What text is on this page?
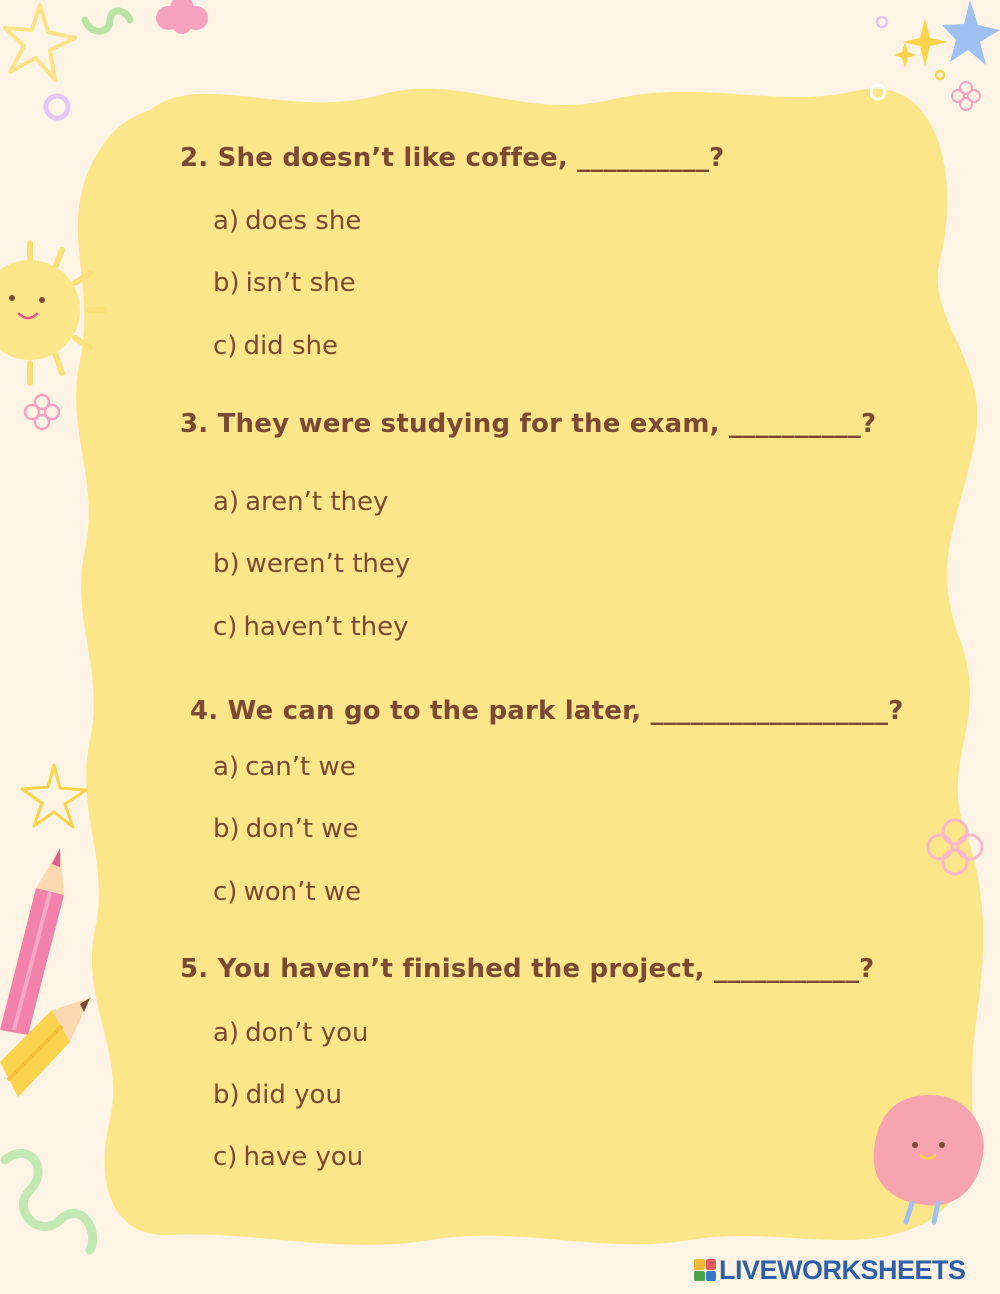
2. She doesn’t like coffee, __________?

a) does she

b) isn’t she

c) did she

3. They were studying for the exam, __________?

a) aren’t they

b) weren’t they

c) haven’t they

4. We can go to the park later, __________________?

a) can’t we

b) don’t we

c) won’t we

5. You haven’t finished the project, ___________?

a) don’t you

b) did you

c) have you

LIVEWORKSHEETS
